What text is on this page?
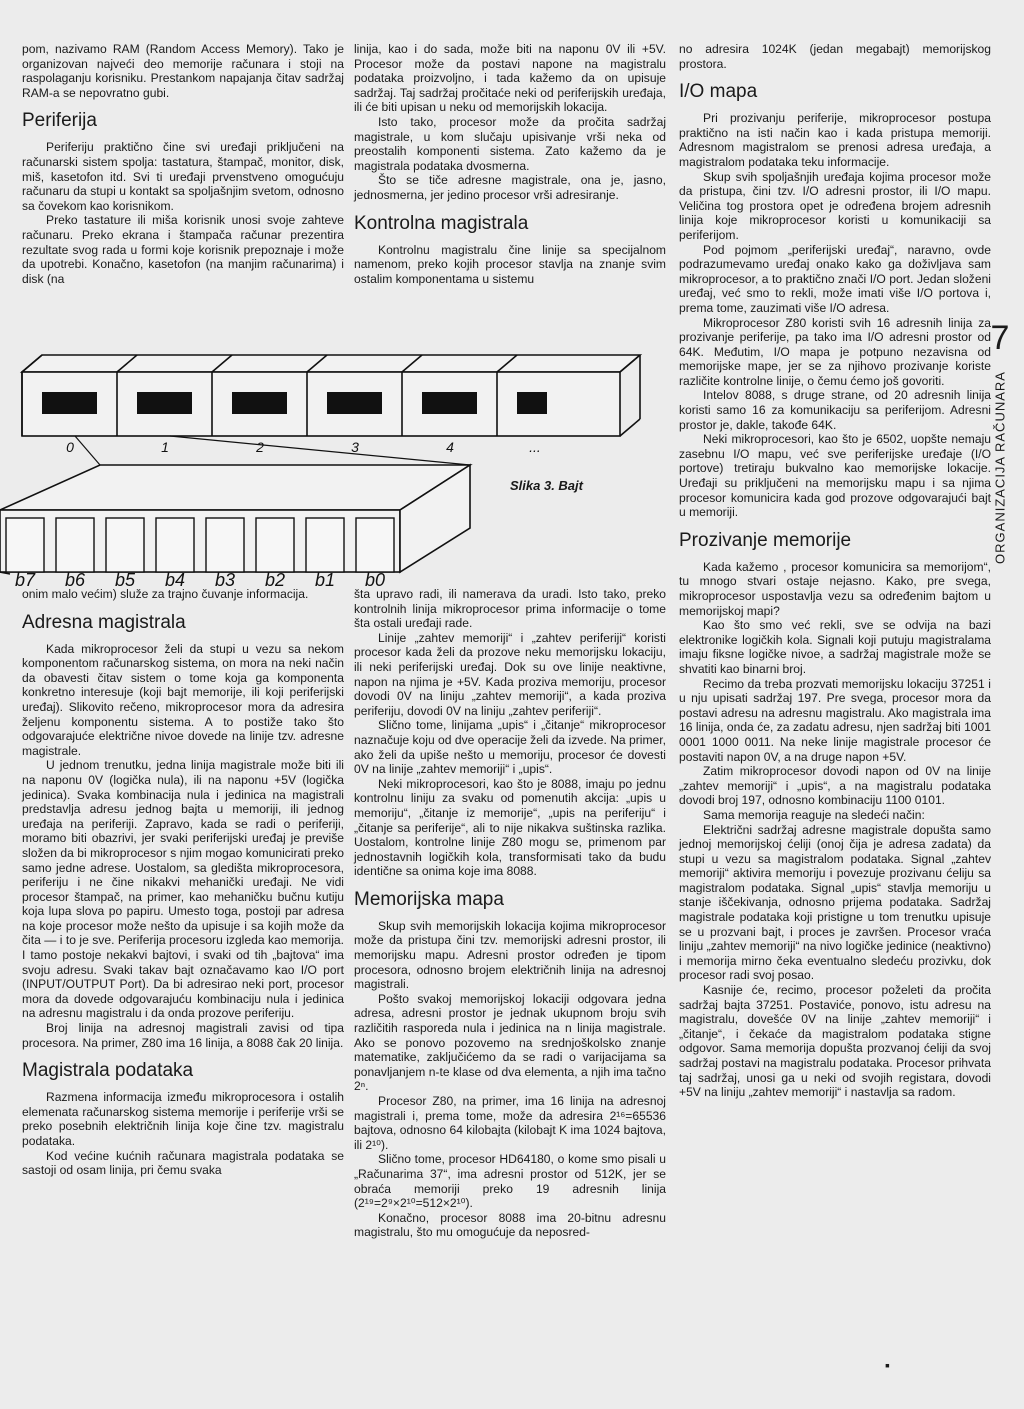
pom, nazivamo RAM (Random Access Memory). Tako je organizovan najveći deo memorije računara i stoji na raspolaganju korisniku. Prestankom napajanja čitav sadržaj RAM-a se nepovratno gubi.

Periferija

Periferiju praktično čine svi uređaji priključeni na računarski sistem spolja: tastatura, štampač, monitor, disk, miš, kasetofon itd. Svi ti uređaji prvenstveno omogućuju računaru da stupi u kontakt sa spoljašnjim svetom, odnosno sa čovekom kao korisnikom.

Preko tastature ili miša korisnik unosi svoje zahteve računaru. Preko ekrana i štampača računar prezentira rezultate svog rada u formi koje korisnik prepoznaje i može da upotrebi. Konačno, kasetofon (na manjim računarima) i disk (na

linija, kao i do sada, može biti na naponu 0V ili +5V. Procesor može da postavi napone na magistralu podataka proizvoljno, i tada kažemo da on upisuje sadržaj. Taj sadržaj pročitaće neki od periferijskih uređaja, ili će biti upisan u neku od memorijskih lokacija.

Isto tako, procesor može da pročita sadržaj magistrale, u kom slučaju upisivanje vrši neka od preostalih komponenti sistema. Zato kažemo da je magistrala podataka dvosmerna.

Što se tiče adresne magistrale, ona je, jasno, jednosmerna, jer jedino procesor vrši adresiranje.

Kontrolna magistrala

Kontrolnu magistralu čine linije sa specijalnom namenom, preko kojih procesor stavlja na znanje svim ostalim komponentama u sistemu

no adresira 1024K (jedan megabajt) memorijskog prostora.

I/O mapa

Pri prozivanju periferije, mikroprocesor postupa praktično na isti način kao i kada pristupa memoriji. Adresnom magistralom se prenosi adresa uređaja, a magistralom podataka teku informacije.

Skup svih spoljašnjih uređaja kojima procesor može da pristupa, čini tzv. I/O adresni prostor, ili I/O mapu. Veličina tog prostora opet je određena brojem adresnih linija koje mikroprocesor koristi u komunikaciji sa periferijom.

Pod pojmom „periferijski uređaj“, naravno, ovde podrazumevamo uređaj onako kako ga doživljava sam mikroprocesor, a to praktično znači I/O port. Jedan složeni uređaj, već smo to rekli, može imati više I/O portova i, prema tome, zauzimati više I/O adresa.

Mikroprocesor Z80 koristi svih 16 adresnih linija za prozivanje periferije, pa tako ima I/O adresni prostor od 64K. Međutim, I/O mapa je potpuno nezavisna od memorijske mape, jer se za njihovo prozivanje koriste različite kontrolne linije, o čemu ćemo još govoriti.

Intelov 8088, s druge strane, od 20 adresnih linija koristi samo 16 za komunikaciju sa periferijom. Adresni prostor je, dakle, takođe 64K.

Neki mikroprocesori, kao što je 6502, uopšte nemaju zasebnu I/O mapu, već sve periferijske uređaje (I/O portove) tretiraju bukvalno kao memorijske lokacije. Uređaji su priključeni na memorijsku mapu i sa njima procesor komunicira kada god prozove odgovarajući bajt u memoriji.

Prozivanje memorije

Kada kažemo , procesor komunicira sa memorijom“, tu mnogo stvari ostaje nejasno. Kako, pre svega, mikroprocesor uspostavlja vezu sa određenim bajtom u memorijskoj mapi?

Kao što smo već rekli, sve se odvija na bazi elektronike logičkih kola. Signali koji putuju magistralama imaju fiksne logičke nivoe, a sadržaj magistrale može se shvatiti kao binarni broj.

Recimo da treba prozvati memorijsku lokaciju 37251 i u nju upisati sadržaj 197. Pre svega, procesor mora da postavi adresu na adresnu magistralu. Ako magistrala ima 16 linija, onda će, za zadatu adresu, njen sadržaj biti 1001 0001 1000 0011. Na neke linije magistrale procesor će postaviti napon 0V, a na druge napon +5V.

Zatim mikroprocesor dovodi napon od 0V na linije „zahtev memoriji“ i „upis“, a na magistralu podataka dovodi broj 197, odnosno kombinaciju 1100 0101.

Sama memorija reaguje na sledeći način:

Električni sadržaj adresne magistrale dopušta samo jednoj memorijskoj ćeliji (onoj čija je adresa zadata) da stupi u vezu sa magistralom podataka. Signal „zahtev memoriji“ aktivira memoriju i povezuje prozivanu ćeliju sa magistralom podataka. Signal „upis“ stavlja memoriju u stanje iščekivanja, odnosno prijema podataka. Sadržaj magistrale podataka koji pristigne u tom trenutku upisuje se u prozvani bajt, i proces je završen. Procesor vraća liniju „zahtev memoriji“ na nivo logičke jedinice (neaktivno) i memorija mirno čeka eventualno sledeću prozivku, dok procesor radi svoj posao.

Kasnije će, recimo, procesor poželeti da pročita sadržaj bajta 37251. Postaviće, ponovo, istu adresu na magistralu, dovešće 0V na linije „zahtev memoriji“ i „čitanje“, i čekaće da magistralom podataka stigne odgovor. Sama memorija dopušta prozvanoj ćeliji da svoj sadržaj postavi na magistralu podataka. Procesor prihvata taj sadržaj, unosi ga u neki od svojih registara, dovodi +5V na liniju „zahtev memoriji“ i nastavlja sa radom.

0	1	2	3	4	...
b7 b6 b5 b4 b3 b2 b1 b0
Slika 3. Bajt

onim malo većim) služe za trajno čuvanje informacija.

Adresna magistrala

Kada mikroprocesor želi da stupi u vezu sa nekom komponentom računarskog sistema, on mora na neki način da obavesti čitav sistem o tome koja ga komponenta konkretno interesuje (koji bajt memorije, ili koji periferijski uređaj). Slikovito rečeno, mikroprocesor mora da adresira željenu komponentu sistema. A to postiže tako što odgovarajuće električne nivoe dovede na linije tzv. adresne magistrale.

U jednom trenutku, jedna linija magistrale može biti ili na naponu 0V (logička nula), ili na naponu +5V (logička jedinica). Svaka kombinacija nula i jedinica na magistrali predstavlja adresu jednog bajta u memoriji, ili jednog uređaja na periferiji. Zapravo, kada se radi o periferiji, moramo biti obazrivi, jer svaki periferijski uređaj je previše složen da bi mikroprocesor s njim mogao komunicirati preko samo jedne adrese. Uostalom, sa gledišta mikroprocesora, periferiju i ne čine nikakvi mehanički uređaji. Ne vidi procesor štampač, na primer, kao mehaničku bučnu kutiju koja lupa slova po papiru. Umesto toga, postoji par adresa na koje procesor može nešto da upisuje i sa kojih može da čita — i to je sve. Periferija procesoru izgleda kao memorija. I tamo postoje nekakvi bajtovi, i svaki od tih „bajtova“ ima svoju adresu. Svaki takav bajt označavamo kao I/O port (INPUT/OUTPUT Port). Da bi adresirao neki port, procesor mora da dovede odgovarajuću kombinaciju nula i jedinica na adresnu magistralu i da onda prozove periferiju.

Broj linija na adresnoj magistrali zavisi od tipa procesora. Na primer, Z80 ima 16 linija, a 8088 čak 20 linija.

Magistrala podataka

Razmena informacija između mikroprocesora i ostalih elemenata računarskog sistema memorije i periferije vrši se preko posebnih električnih linija koje čine tzv. magistralu podataka.

Kod većine kućnih računara magistrala podataka se sastoji od osam linija, pri čemu svaka

šta upravo radi, ili namerava da uradi. Isto tako, preko kontrolnih linija mikroprocesor prima informacije o tome šta ostali uređaji rade.

Linije „zahtev memoriji“ i „zahtev periferiji“ koristi procesor kada želi da prozove neku memorijsku lokaciju, ili neki periferijski uređaj. Dok su ove linije neaktivne, napon na njima je +5V. Kada proziva memoriju, procesor dovodi 0V na liniju „zahtev memoriji“, a kada proziva periferiju, dovodi 0V na liniju „zahtev periferiji“.

Slično tome, linijama „upis“ i „čitanje“ mikroprocesor naznačuje koju od dve operacije želi da izvede. Na primer, ako želi da upiše nešto u memoriju, procesor će dovesti 0V na linije „zahtev memoriji“ i „upis“.

Neki mikroprocesori, kao što je 8088, imaju po jednu kontrolnu liniju za svaku od pomenutih akcija: „upis u memoriju“, „čitanje iz memorije“, „upis na periferiju“ i „čitanje sa periferije“, ali to nije nikakva suštinska razlika. Uostalom, kontrolne linije Z80 mogu se, primenom par jednostavnih logičkih kola, transformisati tako da budu identične sa onima koje ima 8088.

Memorijska mapa

Skup svih memorijskih lokacija kojima mikroprocesor može da pristupa čini tzv. memorijski adresni prostor, ili memorijsku mapu. Adresni prostor određen je tipom procesora, odnosno brojem električnih linija na adresnoj magistrali.

Pošto svakoj memorijskoj lokaciji odgovara jedna adresa, adresni prostor je jednak ukupnom broju svih različitih rasporeda nula i jedinica na n linija magistrale. Ako se ponovo pozovemo na srednjoškolsko znanje matematike, zaključićemo da se radi o varijacijama sa ponavljanjem n-te klase od dva elementa, a njih ima tačno 2ⁿ.

Procesor Z80, na primer, ima 16 linija na adresnoj magistrali i, prema tome, može da adresira 2¹⁶=65536 bajtova, odnosno 64 kilobajta (kilobajt K ima 1024 bajtova, ili 2¹⁰).

Slično tome, procesor HD64180, o kome smo pisali u „Računarima 37“, ima adresni prostor od 512K, jer se obraća memoriji preko 19 adresnih linija (2¹⁹=2⁹×2¹⁰=512×2¹⁰).

Konačno, procesor 8088 ima 20-bitnu adresnu magistralu, što mu omogućuje da neposred-

7
ORGANIZACIJA RAČUNARA
▪
